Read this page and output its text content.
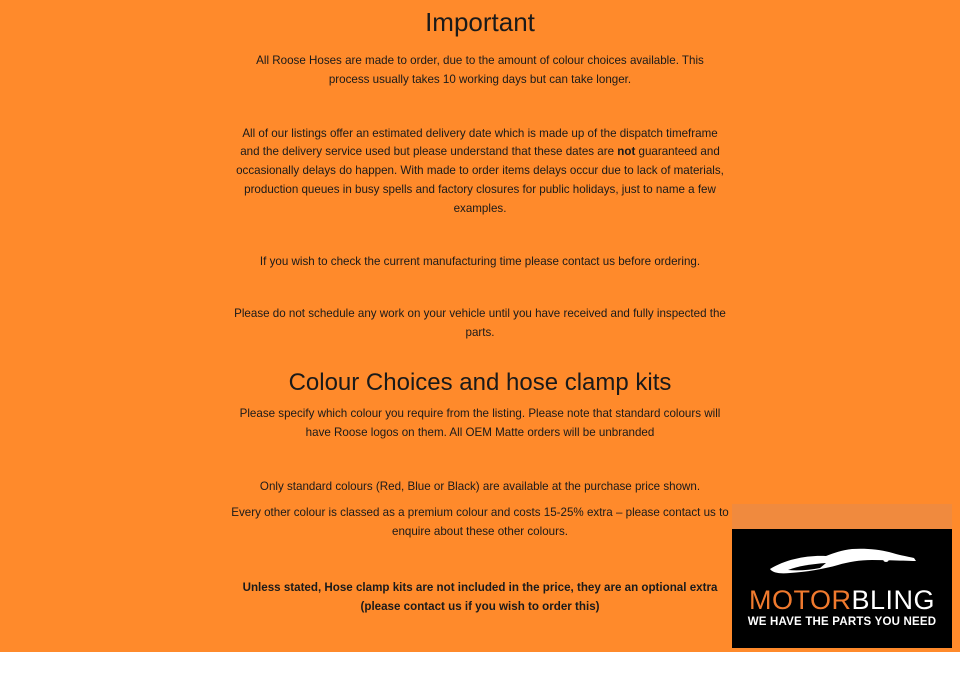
Important

All Roose Hoses are made to order, due to the amount of colour choices available. This process usually takes 10 working days but can take longer.

All of our listings offer an estimated delivery date which is made up of the dispatch timeframe and the delivery service used but please understand that these dates are not guaranteed and occasionally delays do happen. With made to order items delays occur due to lack of materials, production queues in busy spells and factory closures for public holidays, just to name a few examples.

If you wish to check the current manufacturing time please contact us before ordering.

Please do not schedule any work on your vehicle until you have received and fully inspected the parts.

Colour Choices and hose clamp kits

Please specify which colour you require from the listing. Please note that standard colours will have Roose logos on them. All OEM Matte orders will be unbranded

Only standard colours (Red, Blue or Black) are available at the purchase price shown.

Every other colour is classed as a premium colour and costs 15-25% extra – please contact us to enquire about these other colours.

Unless stated, Hose clamp kits are not included in the price, they are an optional extra (please contact us if you wish to order this)	MOTORBLING
WE HAVE THE PARTS YOU NEED
